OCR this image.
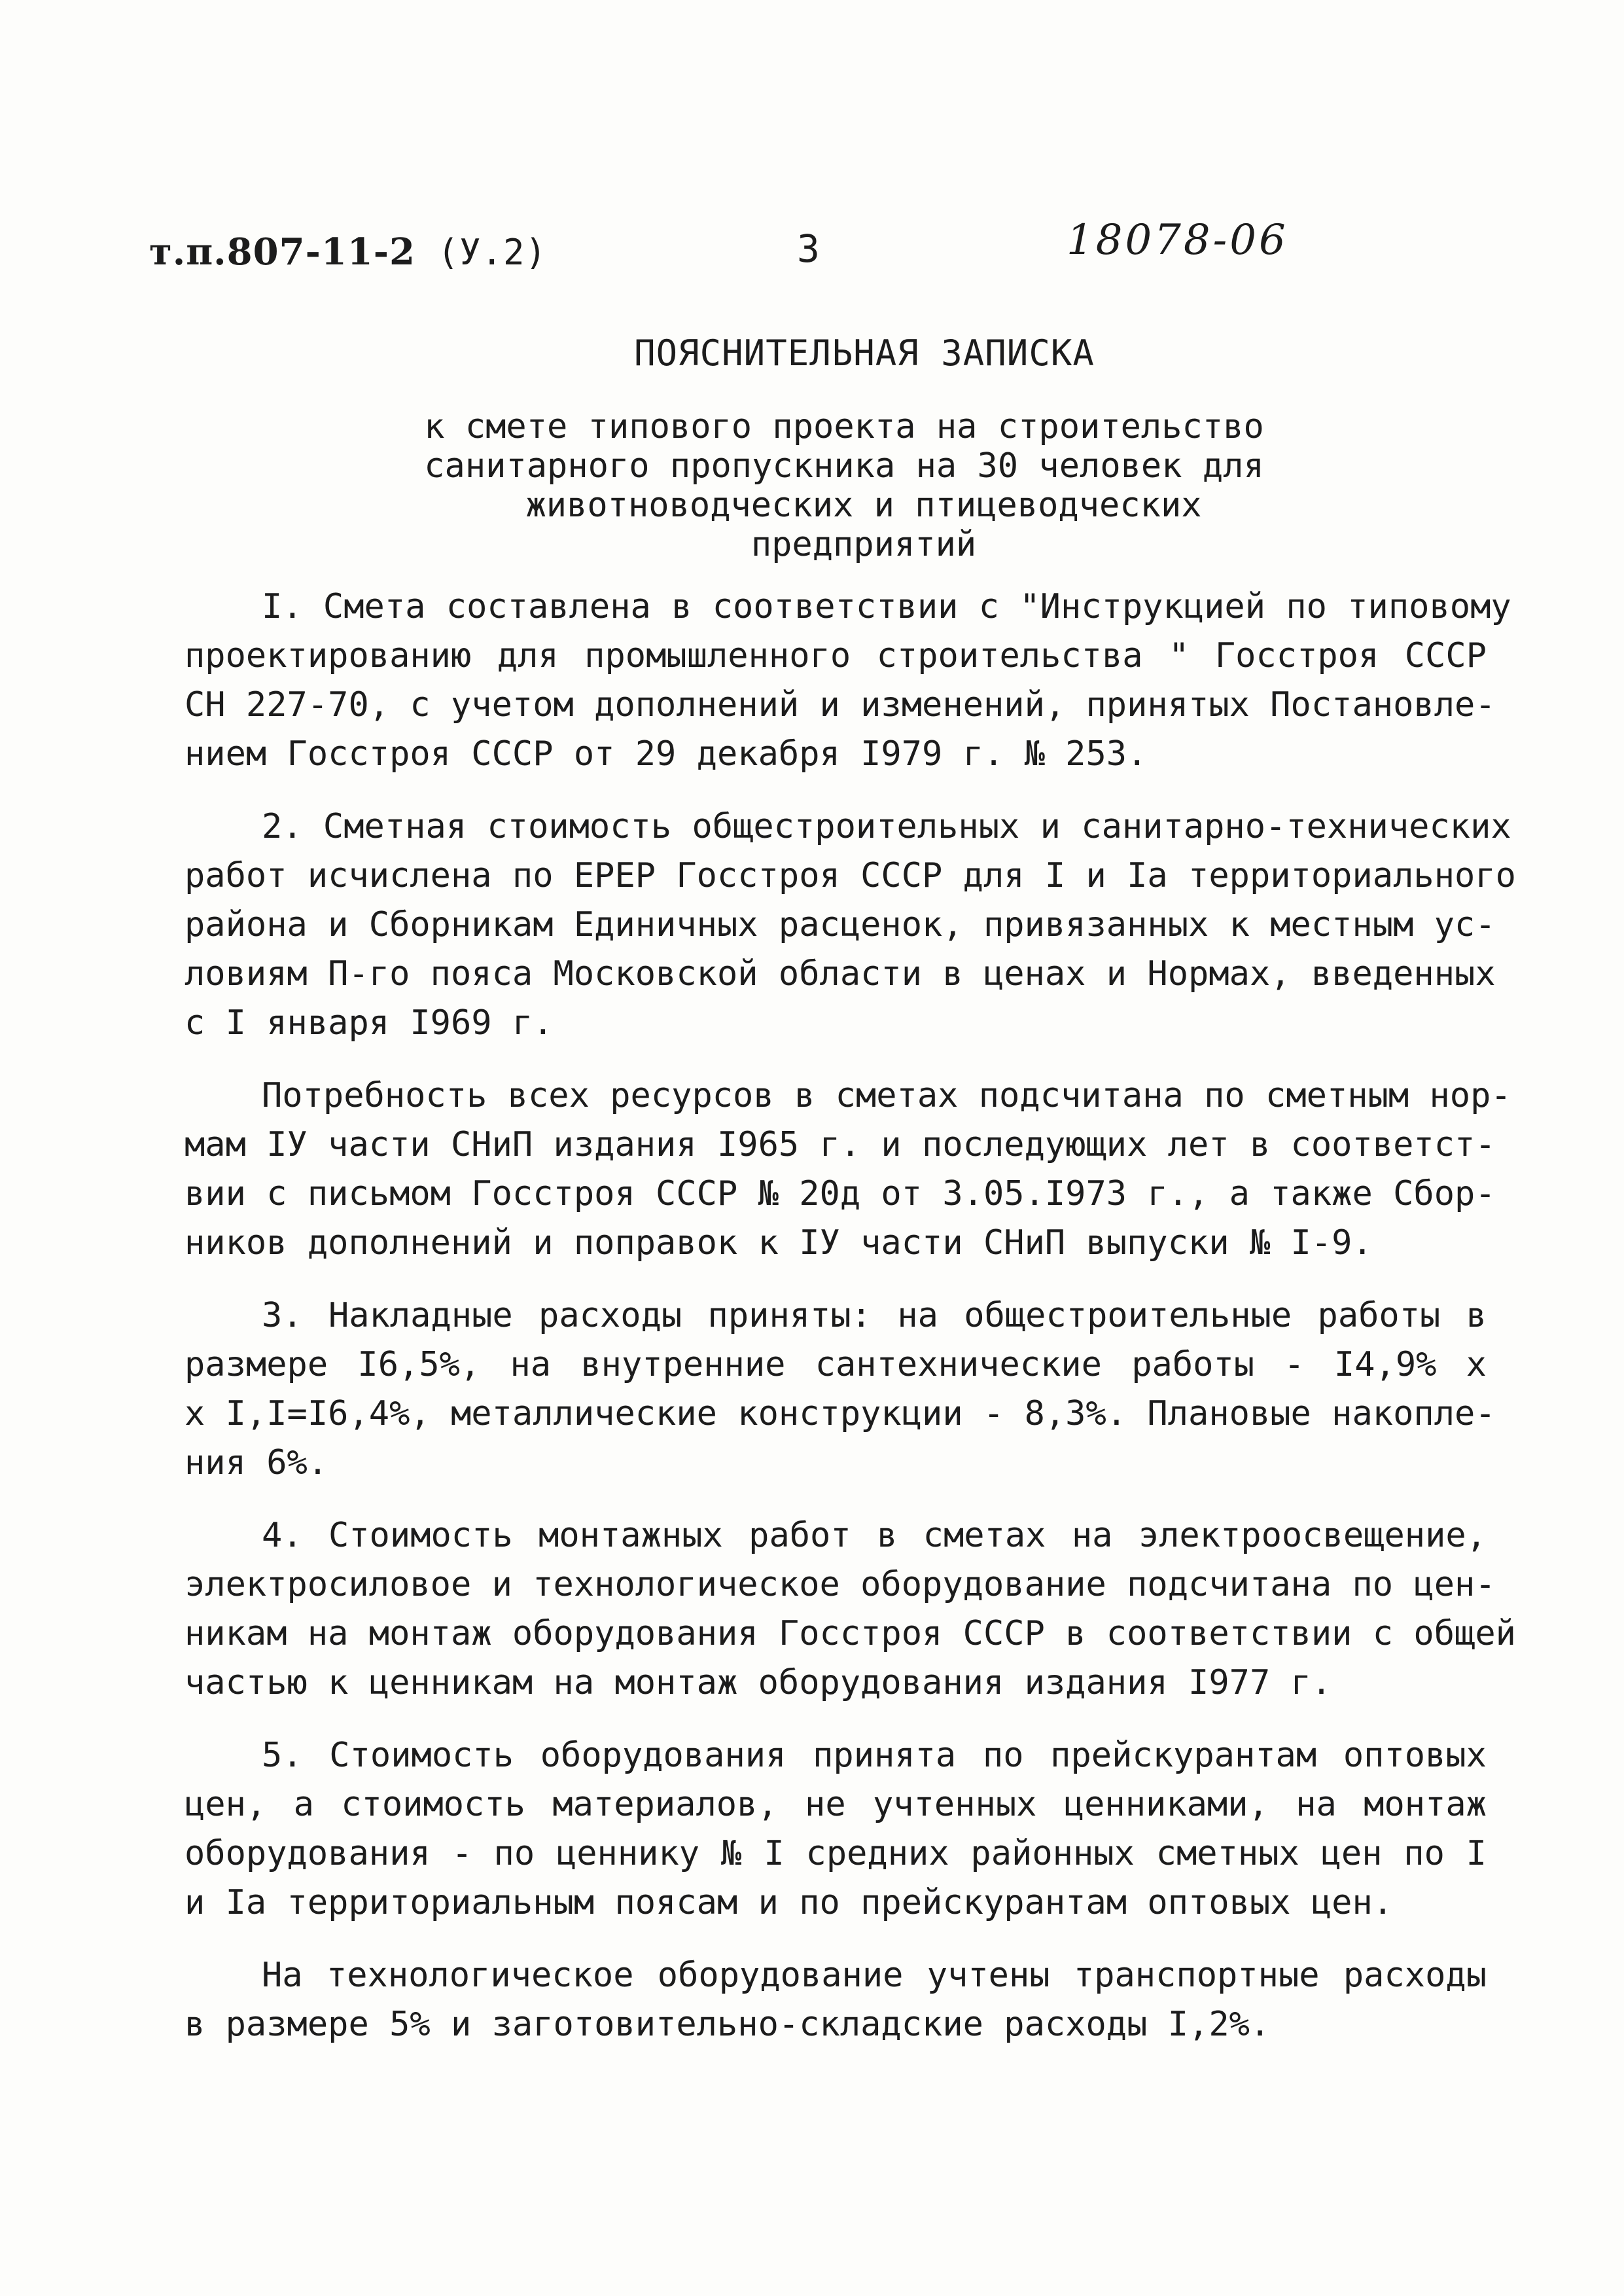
т.п.807-11-2 (У.2)	3	18078-06
ПОЯСНИТЕЛЬНАЯ ЗАПИСКА
к смете типового проекта на строительство
санитарного пропускника на 30 человек для
животноводческих и птицеводческих
предприятий
I. Смета составлена в соответствии с "Инструкцией по типовому
проектированию для промышленного строительства " Госстроя СССР
СН 227-70, с учетом дополнений и изменений, принятых Постановле-
нием Госстроя СССР от 29 декабря I979 г. № 253.
2. Сметная стоимость общестроительных и санитарно-технических
работ исчислена по ЕРЕР Госстроя СССР для I и Iа территориального
района и Сборникам Единичных расценок, привязанных к местным ус-
ловиям П-го пояса Московской области в ценах и Нормах, введенных
с I января I969 г.
Потребность всех ресурсов в сметах подсчитана по сметным нор-
мам IУ части СНиП издания I965 г. и последующих лет в соответст-
вии с письмом Госстроя СССР № 20д от 3.05.I973 г., а также Сбор-
ников дополнений и поправок к IУ части СНиП выпуски № I-9.
3. Накладные расходы приняты: на общестроительные работы в
размере I6,5%, на внутренние сантехнические работы - I4,9% х
х I,I=I6,4%, металлические конструкции - 8,3%. Плановые накопле-
ния 6%.
4. Стоимость монтажных работ в сметах на электроосвещение,
электросиловое и технологическое оборудование подсчитана по цен-
никам на монтаж оборудования Госстроя СССР в соответствии с общей
частью к ценникам на монтаж оборудования издания I977 г.
5. Стоимость оборудования принята по прейскурантам оптовых
цен, а стоимость материалов, не учтенных ценниками, на монтаж
оборудования - по ценнику № I средних районных сметных цен по I
и Iа территориальным поясам и по прейскурантам оптовых цен.
На технологическое оборудование учтены транспортные расходы
в размере 5% и заготовительно-складские расходы I,2%.
